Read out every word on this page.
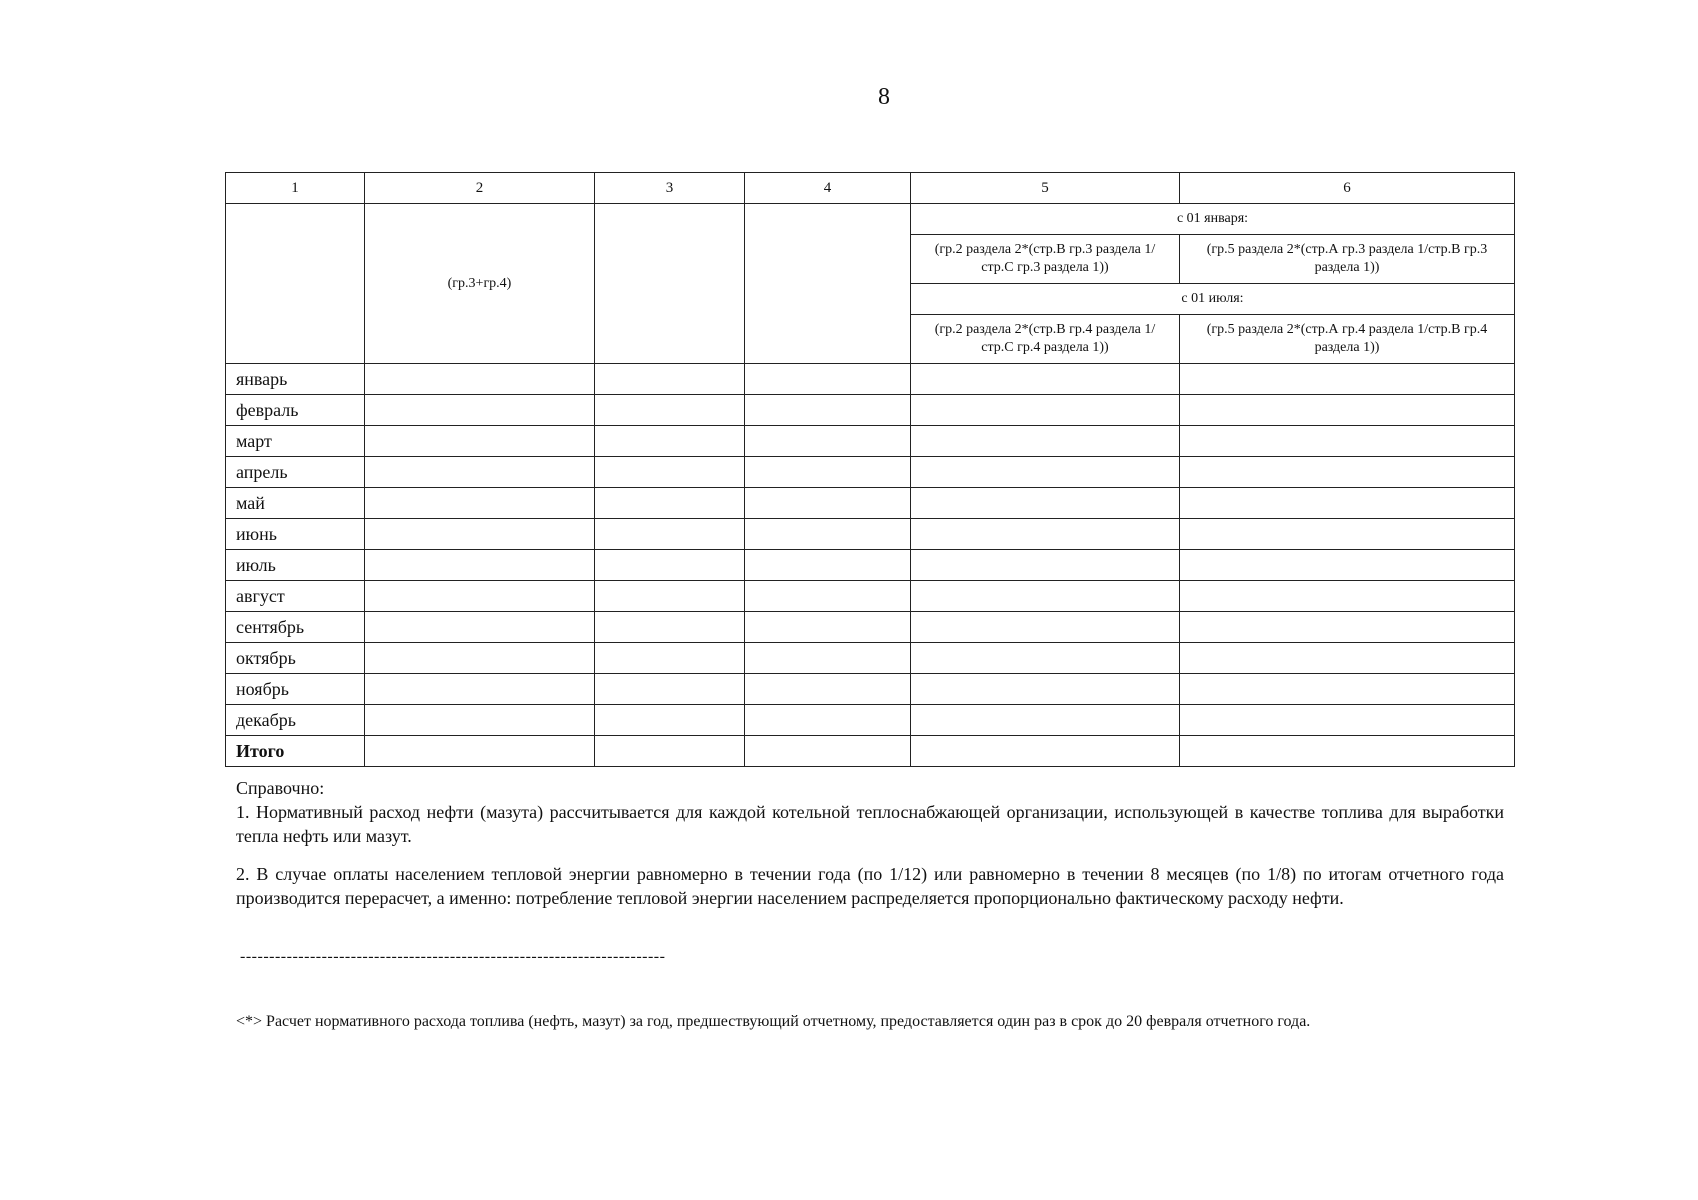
8
1	2	3	4	5	6
	(гр.3+гр.4)			с 01 января:	
				(гр.2 раздела 2*(стр.В гр.3 раздела 1/стр.С гр.3 раздела 1))	(гр.5 раздела 2*(стр.А гр.3 раздела 1/стр.В гр.3 раздела 1))
				с 01 июля:	
				(гр.2 раздела 2*(стр.В гр.4 раздела 1/стр.С гр.4 раздела 1))	(гр.5 раздела 2*(стр.А гр.4 раздела 1/стр.В гр.4 раздела 1))
январь					
февраль					
март					
апрель					
май					
июнь					
июль					
август					
сентябрь					
октябрь					
ноябрь					
декабрь					
Итого					

Справочно:

1. Нормативный расход нефти (мазута) рассчитывается для каждой котельной теплоснабжающей организации, использующей в качестве топлива для выработки тепла нефть или мазут.

2. В случае оплаты населением тепловой энергии равномерно в течении года (по 1/12) или равномерно в течении 8 месяцев (по 1/8) по итогам отчетного года производится перерасчет, а именно: потребление тепловой энергии населением распределяется пропорционально фактическому расходу нефти.

-------------------------------------------------------------------------
<*> Расчет нормативного расхода топлива (нефть, мазут) за год, предшествующий отчетному, предоставляется один раз в срок до 20 февраля отчетного года.
